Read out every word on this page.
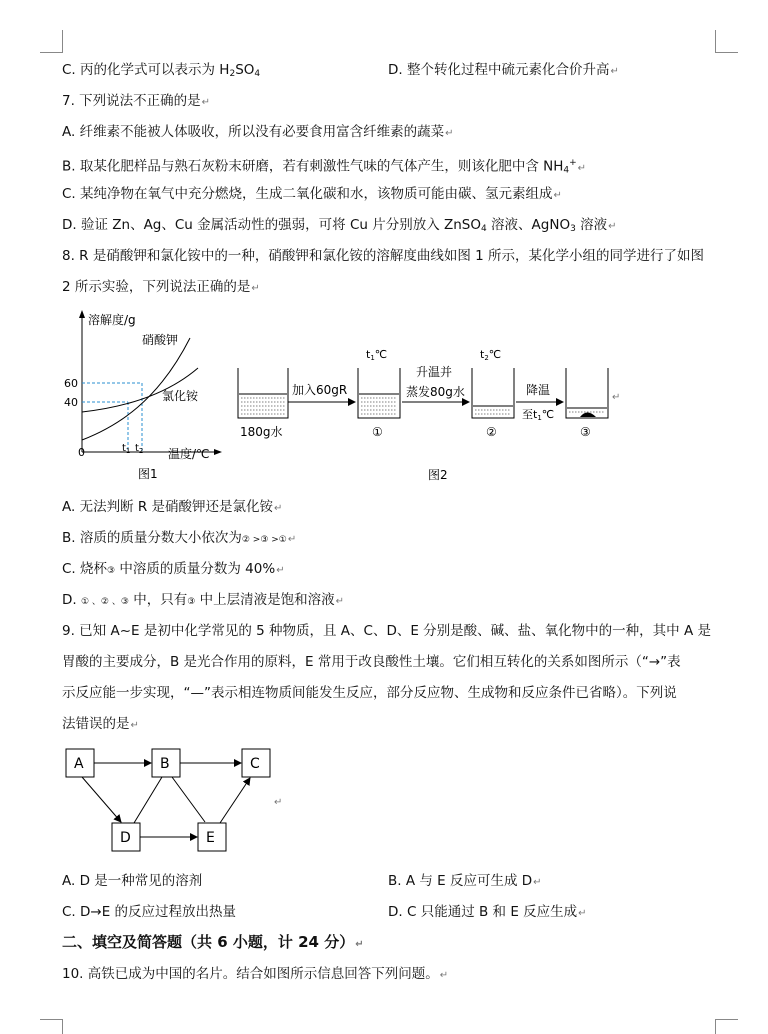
C. 丙的化学式可以表示为 $H_2SO_4$	D. 整个转化过程中硫元素化合价升高↵
7. 下列说法不正确的是↵
A. 纤维素不能被人体吸收，所以没有必要食用富含纤维素的蔬菜↵
B. 取某化肥样品与熟石灰粉末研磨，若有刺激性气味的气体产生，则该化肥中含 $NH_4^+↵$
C. 某纯净物在氧气中充分燃烧，生成二氧化碳和水，该物质可能由碳、氢元素组成↵
D. 验证 Zn、Ag、Cu 金属活动性的强弱，可将 Cu 片分别放入 ZnSO$_4$ 溶液、AgNO$_3$ 溶液↵
8. R 是硝酸钾和氯化铵中的一种，硝酸钾和氯化铵的溶解度曲线如图 1 所示，某化学小组的同学进行了如图
2 所示实验，下列说法正确的是↵
溶解度/g
温度/℃
0
60
40
硝酸钾
氯化铵
$t_1$ $t_2$
图1
180g水
加入60gR
t1℃
①
升温并
蒸发80g水
t2℃
②
降温
至t1℃
③
↵
图2
A. 无法判断 R 是硝酸钾还是氯化铵↵
B. 溶质的质量分数大小依次为② >③ >①↵
C. 烧杯③ 中溶质的质量分数为 40%↵
D. ① 、② 、③ 中，只有③ 中上层清液是饱和溶液↵
9. 已知 A~E 是初中化学常见的 5 种物质，且 A、C、D、E 分别是酸、碱、盐、氧化物中的一种，其中 A 是
胃酸的主要成分，B 是光合作用的原料，E 常用于改良酸性土壤。它们相互转化的关系如图所示（“→”表
示反应能一步实现，“—”表示相连物质间能发生反应，部分反应物、生成物和反应条件已省略）。下列说
法错误的是↵
A	B	C
D	E
↵
A. D 是一种常见的溶剂	B. A 与 E 反应可生成 D↵
C. D→E 的反应过程放出热量	D. C 只能通过 B 和 E 反应生成↵
二、填空及简答题（共 6 小题，计 24 分）↵
10. 高铁已成为中国的名片。结合如图所示信息回答下列问题。↵
